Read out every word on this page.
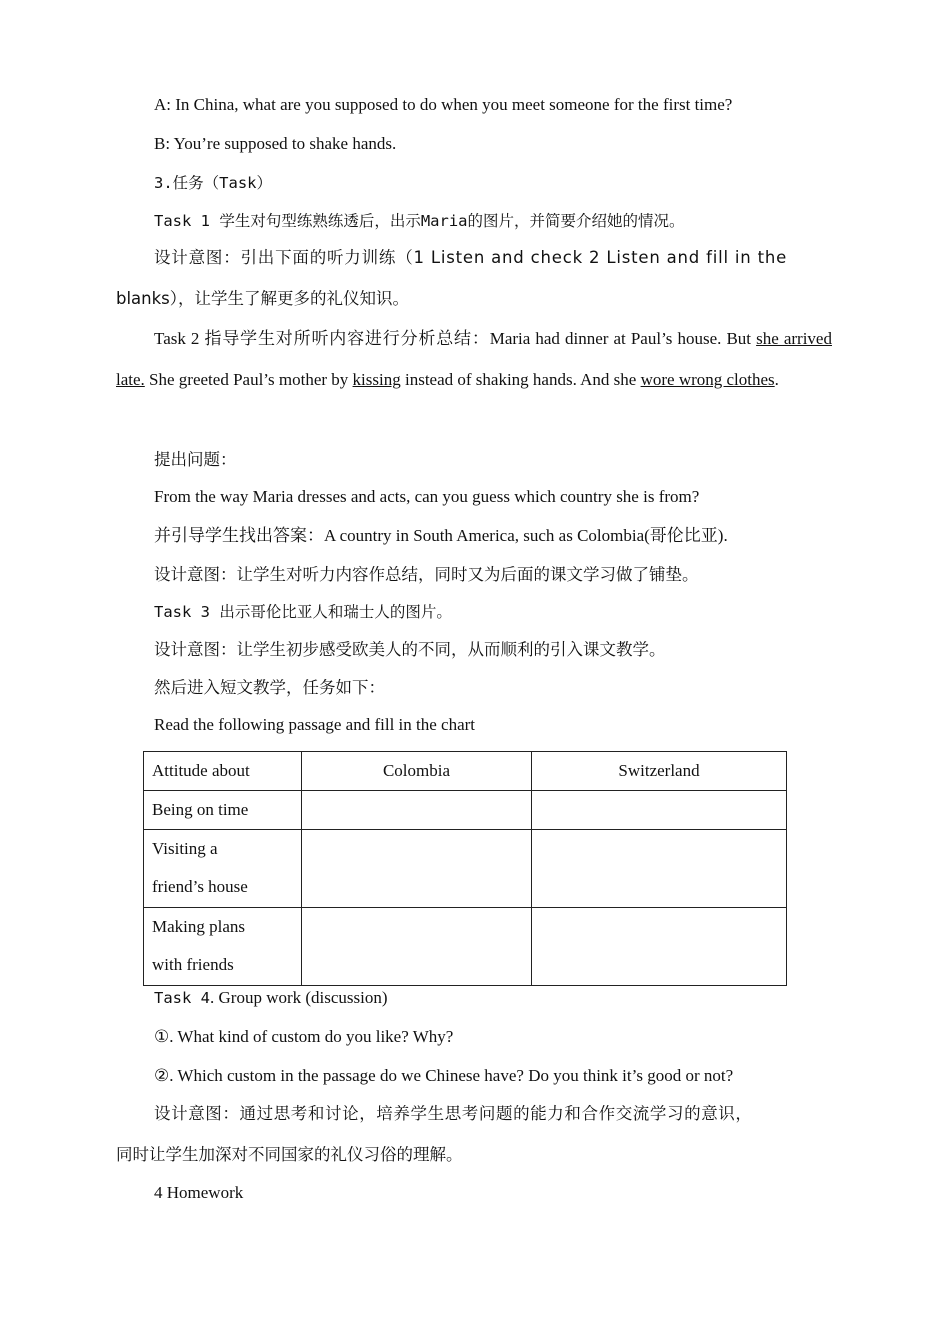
A: In China, what are you supposed to do when you meet someone for the first time?
B: You’re supposed to shake hands.
3.任务（Task）
Task 1 学生对句型练熟练透后，出示Maria的图片，并简要介绍她的情况。
设计意图：引出下面的听力训练（1 Listen and check 2 Listen and fill in the
blanks），让学生了解更多的礼仪知识。
Task 2 指导学生对所听内容进行分析总结：Maria had dinner at Paul’s house. But she arrived late. She greeted Paul’s mother by kissing instead of shaking hands. And she wore wrong clothes.
提出问题：
From the way Maria dresses and acts, can you guess which country she is from?
并引导学生找出答案：A country in South America, such as Colombia(哥伦比亚).
设计意图：让学生对听力内容作总结，同时又为后面的课文学习做了铺垫。
Task 3 出示哥伦比亚人和瑞士人的图片。
设计意图：让学生初步感受欧美人的不同，从而顺利的引入课文教学。
然后进入短文教学，任务如下：
Read the following passage and fill in the chart
Attitude about	Colombia	Switzerland
Being on time		

Visiting a
friend’s house		

Making plans
with friends		

Task 4. Group work (discussion)
①. What kind of custom do you like? Why?
②. Which custom in the passage do we Chinese have? Do you think it’s good or not?
设计意图：通过思考和讨论，培养学生思考问题的能力和合作交流学习的意识，
同时让学生加深对不同国家的礼仪习俗的理解。
4 Homework
